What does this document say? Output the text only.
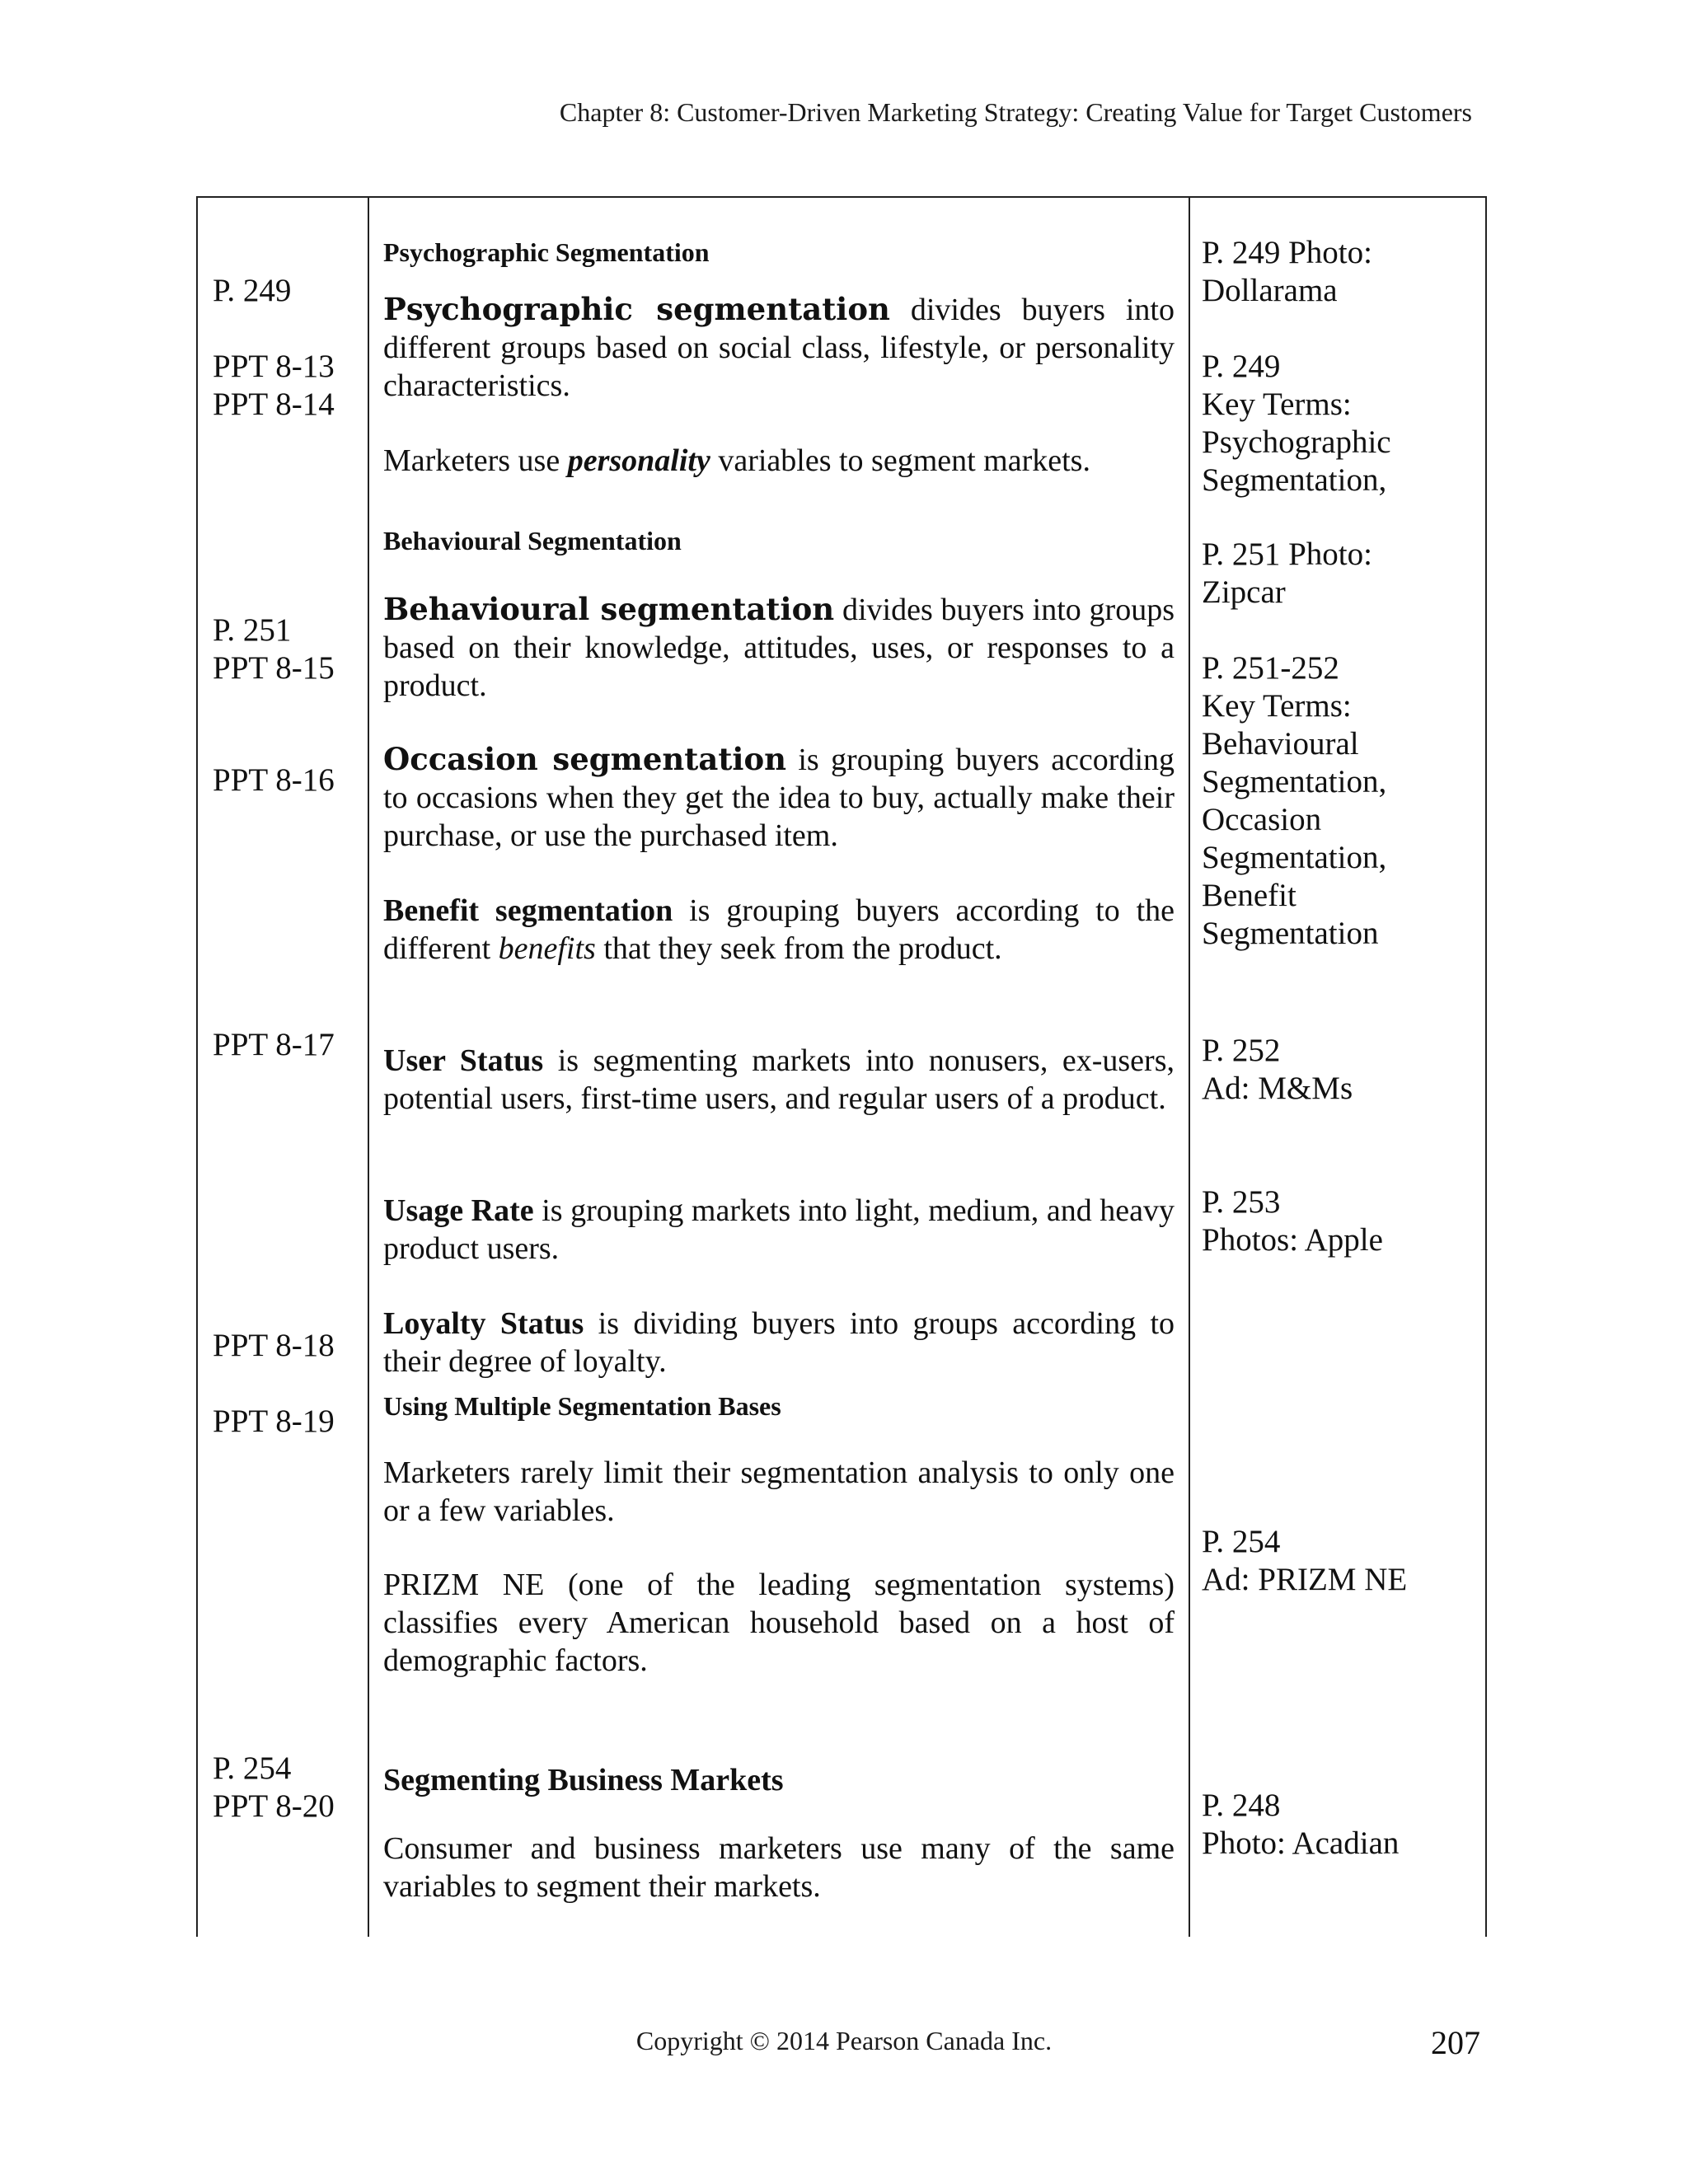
Chapter 8: Customer-Driven Marketing Strategy: Creating Value for Target Customers
P. 249
PPT 8-13
PPT 8-14
P. 251
PPT 8-15
PPT 8-16
PPT 8-17
PPT 8-18
PPT 8-19
P. 254
PPT 8-20
Psychographic Segmentation
Psychographic segmentation divides buyers into different groups based on social class, lifestyle, or personality characteristics.
Marketers use personality variables to segment markets.
Behavioural Segmentation
Behavioural segmentation divides buyers into groups based on their knowledge, attitudes, uses, or responses to a product.
Occasion segmentation is grouping buyers according to occasions when they get the idea to buy, actually make their purchase, or use the purchased item.
Benefit segmentation is grouping buyers according to the different benefits that they seek from the product.
User Status is segmenting markets into nonusers, ex-users, potential users, first-time users, and regular users of a product.
Usage Rate is grouping markets into light, medium, and heavy product users.
Loyalty Status is dividing buyers into groups according to their degree of loyalty.
Using Multiple Segmentation Bases
Marketers rarely limit their segmentation analysis to only one or a few variables.
PRIZM NE (one of the leading segmentation systems) classifies every American household based on a host of demographic factors.
Segmenting Business Markets
Consumer and business marketers use many of the same variables to segment their markets.
P. 249 Photo:
Dollarama
P. 249
Key Terms:
Psychographic
Segmentation,
P. 251 Photo:
Zipcar
P. 251-252
Key Terms:
Behavioural
Segmentation,
Occasion
Segmentation,
Benefit
Segmentation
P. 252
Ad: M&Ms
P. 253
Photos: Apple
P. 254
Ad: PRIZM NE
P. 248
Photo: Acadian
Copyright © 2014 Pearson Canada Inc.	207
